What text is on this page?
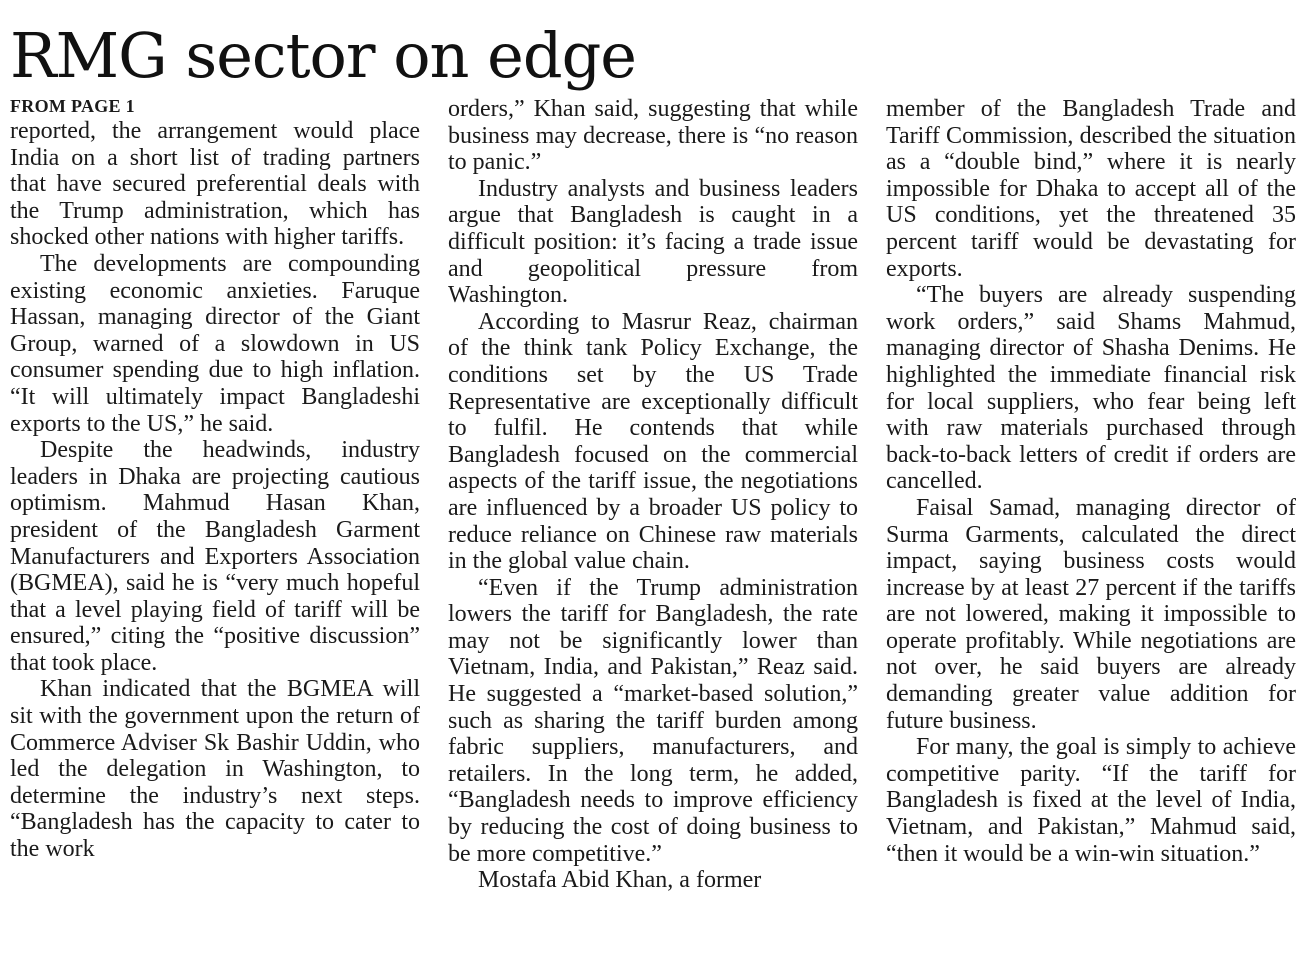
RMG sector on edge
FROM PAGE 1

reported, the arrangement would place India on a short list of trading partners that have secured preferential deals with the Trump administration, which has shocked other nations with higher tariffs.

The developments are compounding existing economic anxieties. Faruque Hassan, managing director of the Giant Group, warned of a slowdown in US consumer spending due to high inflation. “It will ultimately impact Bangladeshi exports to the US,” he said.

Despite the headwinds, industry leaders in Dhaka are projecting cautious optimism. Mahmud Hasan Khan, president of the Bangladesh Garment Manufacturers and Exporters Association (BGMEA), said he is “very much hopeful that a level playing field of tariff will be ensured,” citing the “positive discussion” that took place.

Khan indicated that the BGMEA will sit with the government upon the return of Commerce Adviser Sk Bashir Uddin, who led the delegation in Washington, to determine the industry’s next steps. “Bangladesh has the capacity to cater to the work

orders,” Khan said, suggesting that while business may decrease, there is “no reason to panic.”

Industry analysts and business leaders argue that Bangladesh is caught in a difficult position: it’s facing a trade issue and geopolitical pressure from Washington.

According to Masrur Reaz, chairman of the think tank Policy Exchange, the conditions set by the US Trade Representative are exceptionally difficult to fulfil. He contends that while Bangladesh focused on the commercial aspects of the tariff issue, the negotiations are influenced by a broader US policy to reduce reliance on Chinese raw materials in the global value chain.

“Even if the Trump administration lowers the tariff for Bangladesh, the rate may not be significantly lower than Vietnam, India, and Pakistan,” Reaz said. He suggested a “market-based solution,” such as sharing the tariff burden among fabric suppliers, manufacturers, and retailers. In the long term, he added, “Bangladesh needs to improve efficiency by reducing the cost of doing business to be more competitive.”

Mostafa Abid Khan, a former

member of the Bangladesh Trade and Tariff Commission, described the situation as a “double bind,” where it is nearly impossible for Dhaka to accept all of the US conditions, yet the threatened 35 percent tariff would be devastating for exports.

“The buyers are already suspending work orders,” said Shams Mahmud, managing director of Shasha Denims. He highlighted the immediate financial risk for local suppliers, who fear being left with raw materials purchased through back-to-back letters of credit if orders are cancelled.

Faisal Samad, managing director of Surma Garments, calculated the direct impact, saying business costs would increase by at least 27 percent if the tariffs are not lowered, making it impossible to operate profitably. While negotiations are not over, he said buyers are already demanding greater value addition for future business.

For many, the goal is simply to achieve competitive parity. “If the tariff for Bangladesh is fixed at the level of India, Vietnam, and Pakistan,” Mahmud said, “then it would be a win-win situation.”
